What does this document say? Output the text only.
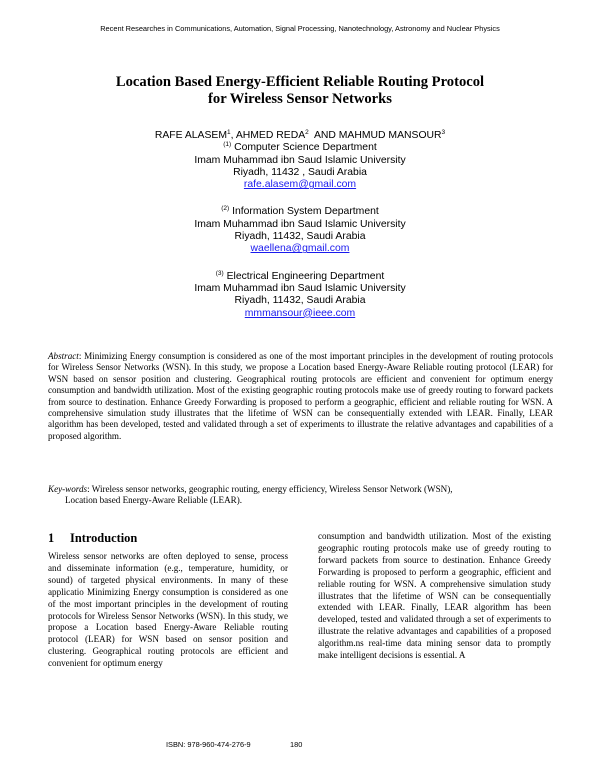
Recent Researches in Communications, Automation, Signal Processing, Nanotechnology, Astronomy and Nuclear Physics
Location Based Energy-Efficient Reliable Routing Protocol
for Wireless Sensor Networks
RAFE ALASEM$^1$, AHMED REDA$^2$  AND MAHMUD MANSOUR$^3$
$^{(1)}$ Computer Science Department
Imam Muhammad ibn Saud Islamic University
Riyadh, 11432 , Saudi Arabia
rafe.alasem@gmail.com
$^{(2)}$ Information System Department
Imam Muhammad ibn Saud Islamic University
Riyadh, 11432, Saudi Arabia
waellena@gmail.com
$^{(3)}$ Electrical Engineering Department
Imam Muhammad ibn Saud Islamic University
Riyadh, 11432, Saudi Arabia
mmmansour@ieee.com
Abstract: Minimizing Energy consumption is considered as one of the most important principles in the development of routing protocols for Wireless Sensor Networks (WSN). In this study, we propose a Location based Energy-Aware Reliable routing protocol (LEAR) for WSN based on sensor position and clustering. Geographical routing protocols are efficient and convenient for optimum energy consumption and bandwidth utilization. Most of the existing geographic routing protocols make use of greedy routing to forward packets from source to destination. Enhance Greedy Forwarding is proposed to perform a geographic, efficient and reliable routing for WSN. A comprehensive simulation study illustrates that the lifetime of WSN can be consequentially extended with LEAR. Finally, LEAR algorithm has been developed, tested and validated through a set of experiments to illustrate the relative advantages and capabilities of a proposed algorithm.
Key-words: Wireless sensor networks, geographic routing, energy efficiency, Wireless Sensor Network (WSN),
Location based Energy-Aware Reliable (LEAR).
1 Introduction
Wireless sensor networks are often deployed to sense, process and disseminate information (e.g., temperature, humidity, or sound) of targeted physical environments. In many of these applicatio Minimizing Energy consumption is considered as one of the most important principles in the development of routing protocols for Wireless Sensor Networks (WSN). In this study, we propose a Location based Energy-Aware Reliable routing protocol (LEAR) for WSN based on sensor position and clustering. Geographical routing protocols are efficient and convenient for optimum energy
consumption and bandwidth utilization. Most of the existing geographic routing protocols make use of greedy routing to forward packets from source to destination. Enhance Greedy Forwarding is proposed to perform a geographic, efficient and reliable routing for WSN. A comprehensive simulation study illustrates that the lifetime of WSN can be consequentially extended with LEAR. Finally, LEAR algorithm has been developed, tested and validated through a set of experiments to illustrate the relative advantages and capabilities of a proposed algorithm.ns real-time data mining sensor data to promptly make intelligent decisions is essential. A
ISBN: 978-960-474-276-9	180
